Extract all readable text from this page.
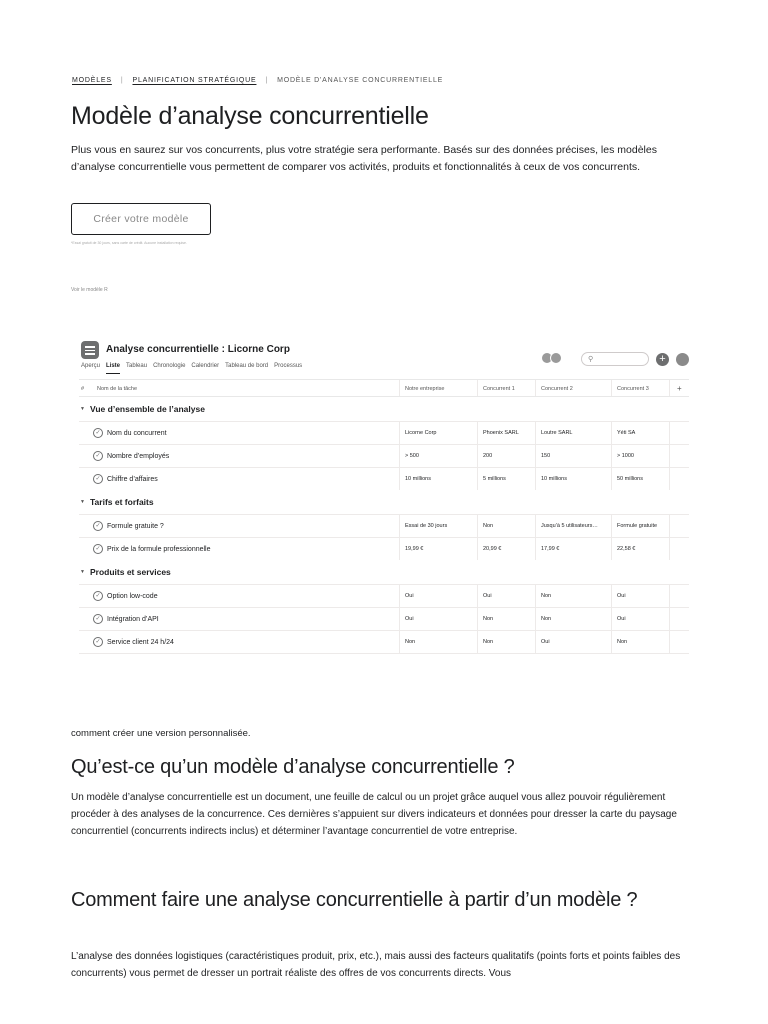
MODÈLES | PLANIFICATION STRATÉGIQUE | MODÈLE D'ANALYSE CONCURRENTIELLE
Modèle d’analyse concurrentielle

Plus vous en saurez sur vos concurrents, plus votre stratégie sera performante. Basés sur des données précises, les modèles d’analyse concurrentielle vous permettent de comparer vos activités, produits et fonctionnalités à ceux de vos concurrents.

Créer votre modèle
*Essai gratuit de 30 jours, sans carte de crédit. Aucune installation requise.
Voir le modèle R
Analyse concurrentielle : Licorne Corp
⚲	+
Aperçu Liste Tableau Chronologie Calendrier Tableau de bord Processus
# Nom de la tâche	Notre entreprise	Concurrent 1	Concurrent 2	Concurrent 3	+
▼ Vue d’ensemble de l’analyse
✓ Nom du concurrent	Licorne Corp	Phoenix SARL	Loutre SARL	Yéti SA
✓ Nombre d’employés	> 500	200	150	> 1000
✓ Chiffre d’affaires	10 millions	5 millions	10 millions	50 millions
▼ Tarifs et forfaits
✓ Formule gratuite ?	Essai de 30 jours	Non	Jusqu’à 5 utilisateurs…	Formule gratuite
✓ Prix de la formule professionnelle	19,99 €	20,99 €	17,99 €	22,58 €
▼ Produits et services
✓ Option low-code	Oui	Oui	Non	Oui
✓ Intégration d’API	Oui	Non	Non	Oui
✓ Service client 24 h/24	Non	Non	Oui	Non

comment créer une version personnalisée.

Qu’est-ce qu’un modèle d’analyse concurrentielle ?

Un modèle d’analyse concurrentielle est un document, une feuille de calcul ou un projet grâce auquel vous allez pouvoir régulièrement procéder à des analyses de la concurrence. Ces dernières s’appuient sur divers indicateurs et données pour dresser la carte du paysage concurrentiel (concurrents indirects inclus) et déterminer l’avantage concurrentiel de votre entreprise.

Comment faire une analyse concurrentielle à partir d’un modèle ?

L’analyse des données logistiques (caractéristiques produit, prix, etc.), mais aussi des facteurs qualitatifs (points forts et points faibles des concurrents) vous permet de dresser un portrait réaliste des offres de vos concurrents directs. Vous
